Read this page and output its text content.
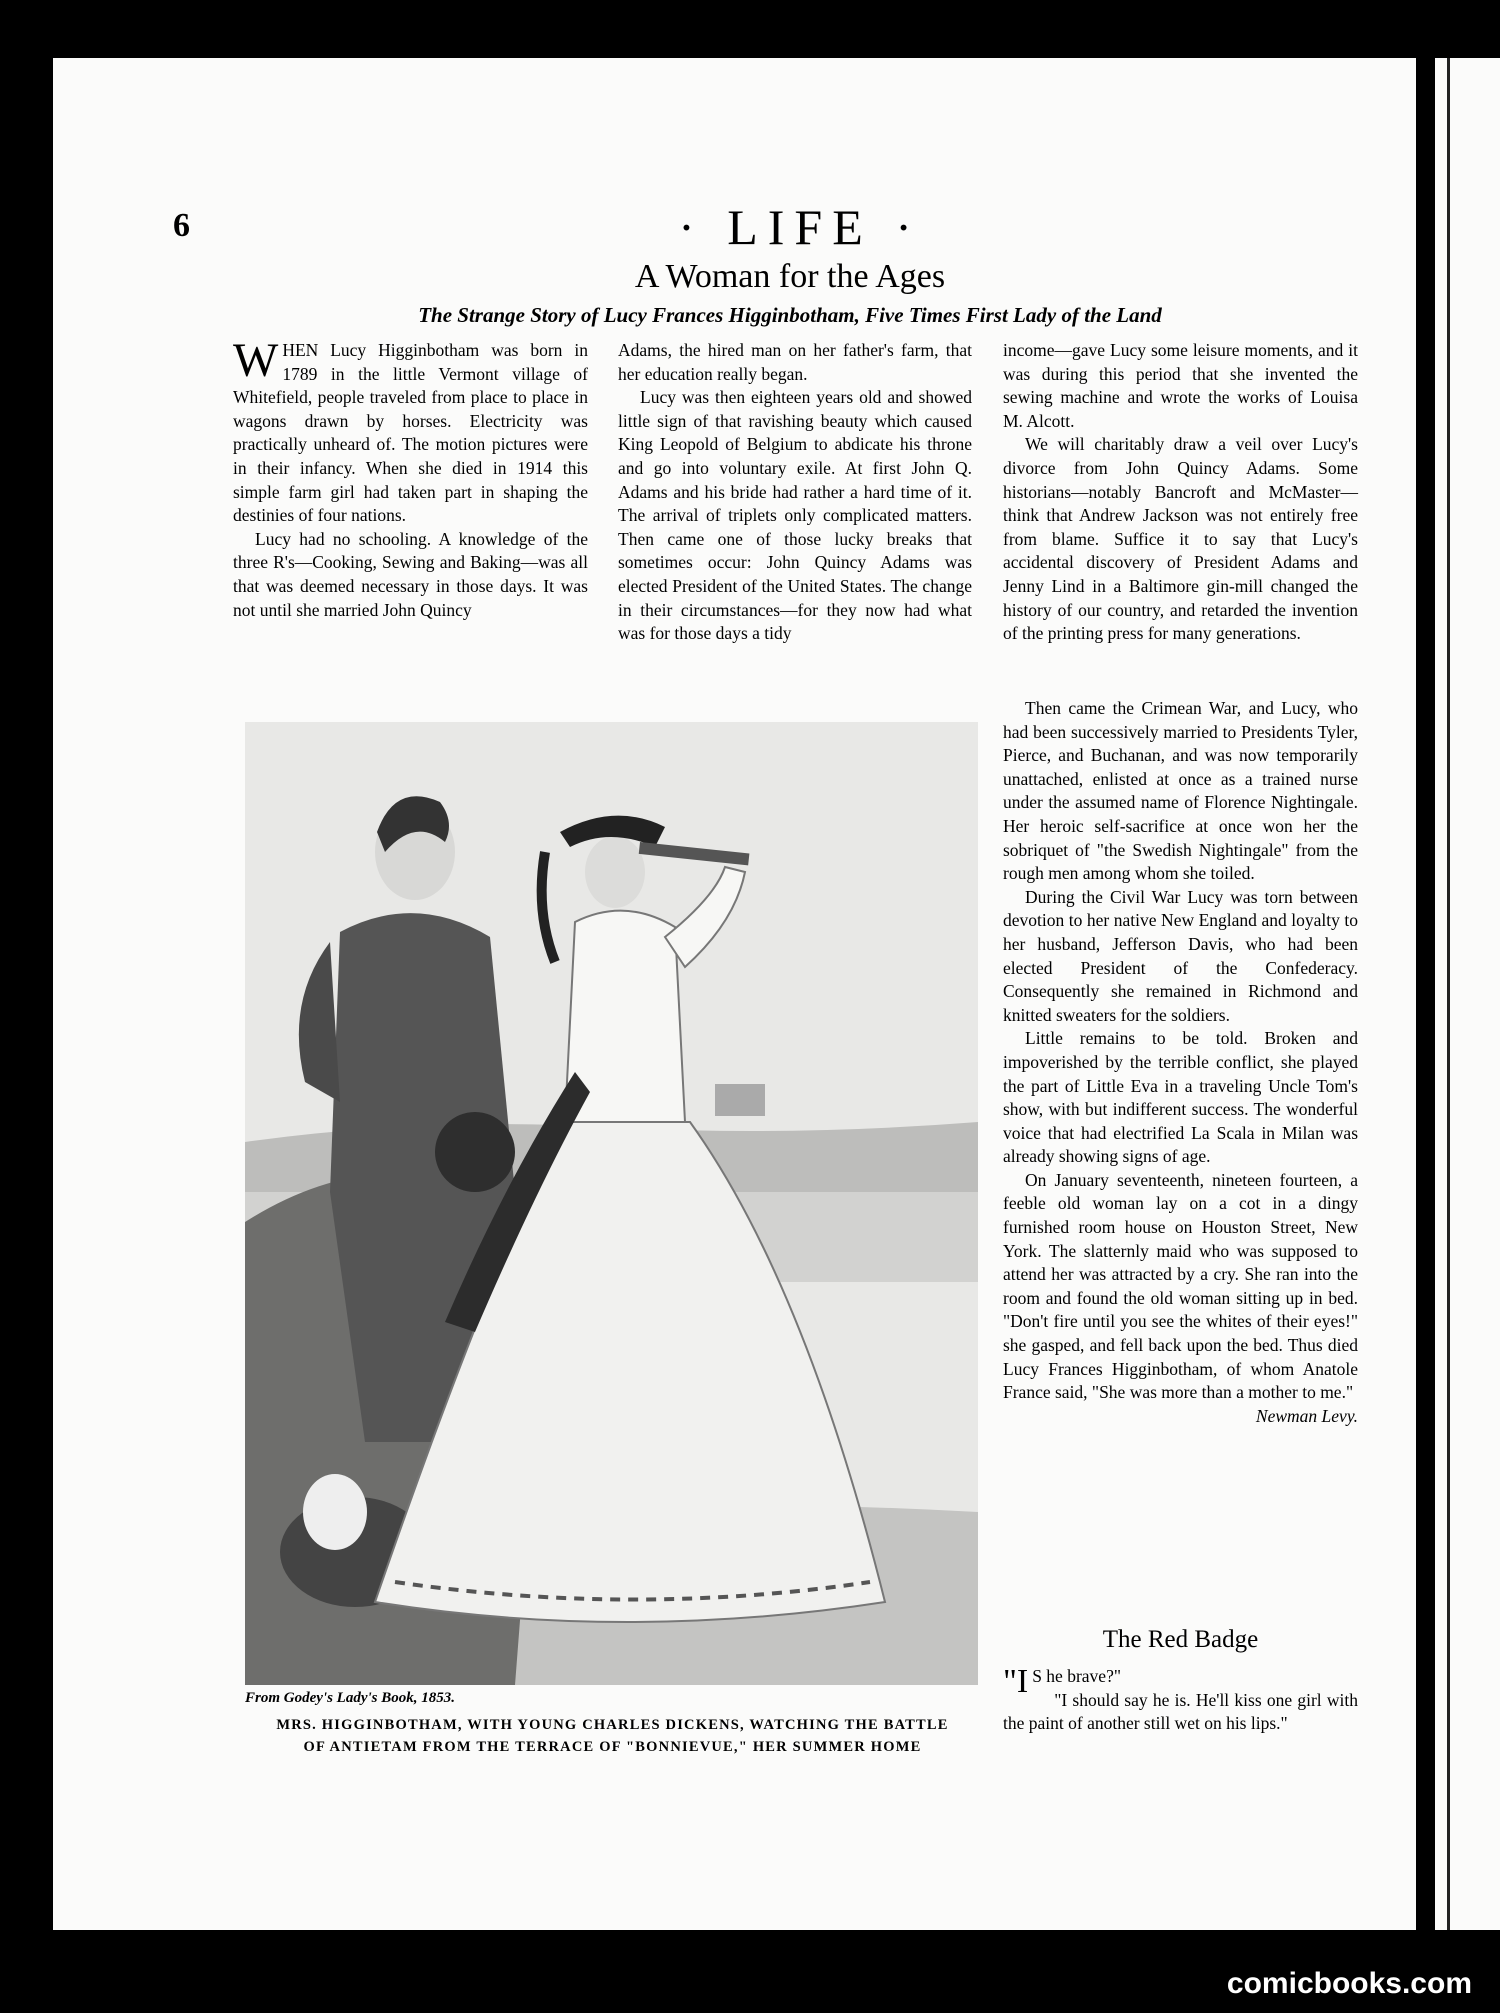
6	· LIFE ·
A Woman for the Ages
The Strange Story of Lucy Frances Higginbotham, Five Times First Lady of the Land

WHEN Lucy Higginbotham was born in 1789 in the little Vermont village of Whitefield, people traveled from place to place in wagons drawn by horses. Electricity was practically unheard of. The motion pictures were in their infancy. When she died in 1914 this simple farm girl had taken part in shaping the destinies of four nations.

Lucy had no schooling. A knowledge of the three R's—Cooking, Sewing and Baking—was all that was deemed necessary in those days. It was not until she married John Quincy

Adams, the hired man on her father's farm, that her education really began.

Lucy was then eighteen years old and showed little sign of that ravishing beauty which caused King Leopold of Belgium to abdicate his throne and go into voluntary exile. At first John Q. Adams and his bride had rather a hard time of it. The arrival of triplets only complicated matters. Then came one of those lucky breaks that sometimes occur: John Quincy Adams was elected President of the United States. The change in their circumstances—for they now had what was for those days a tidy

income—gave Lucy some leisure moments, and it was during this period that she invented the sewing machine and wrote the works of Louisa M. Alcott.

We will charitably draw a veil over Lucy's divorce from John Quincy Adams. Some historians—notably Bancroft and McMaster—think that Andrew Jackson was not entirely free from blame. Suffice it to say that Lucy's accidental discovery of President Adams and Jenny Lind in a Baltimore gin-mill changed the history of our country, and retarded the invention of the printing press for many generations.

Then came the Crimean War, and Lucy, who had been successively married to Presidents Tyler, Pierce, and Buchanan, and was now temporarily unattached, enlisted at once as a trained nurse under the assumed name of Florence Nightingale. Her heroic self-sacrifice at once won her the sobriquet of "the Swedish Nightingale" from the rough men among whom she toiled.

During the Civil War Lucy was torn between devotion to her native New England and loyalty to her husband, Jefferson Davis, who had been elected President of the Confederacy. Consequently she remained in Richmond and knitted sweaters for the soldiers.

Little remains to be told. Broken and impoverished by the terrible conflict, she played the part of Little Eva in a traveling Uncle Tom's show, with but indifferent success. The wonderful voice that had electrified La Scala in Milan was already showing signs of age.

On January seventeenth, nineteen fourteen, a feeble old woman lay on a cot in a dingy furnished room house on Houston Street, New York. The slatternly maid who was supposed to attend her was attracted by a cry. She ran into the room and found the old woman sitting up in bed. "Don't fire until you see the whites of their eyes!" she gasped, and fell back upon the bed. Thus died Lucy Frances Higginbotham, of whom Anatole France said, "She was more than a mother to me."

Newman Levy.

From Godey's Lady's Book, 1853.
MRS. HIGGINBOTHAM, WITH YOUNG CHARLES DICKENS, WATCHING THE BATTLE
OF ANTIETAM FROM THE TERRACE OF "BONNIEVUE," HER SUMMER HOME
The Red Badge

"I S he brave?"

"I should say he is. He'll kiss one girl with the paint of another still wet on his lips."

comicbooks.com
